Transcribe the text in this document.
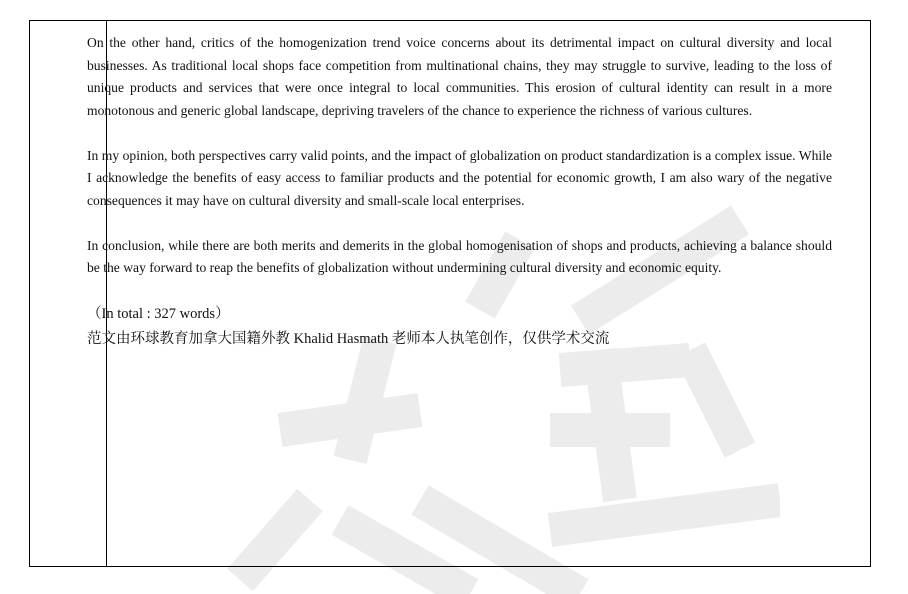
On the other hand, critics of the homogenization trend voice concerns about its detrimental impact on cultural diversity and local businesses. As traditional local shops face competition from multinational chains, they may struggle to survive, leading to the loss of unique products and services that were once integral to local communities. This erosion of cultural identity can result in a more monotonous and generic global landscape, depriving travelers of the chance to experience the richness of various cultures.

In my opinion, both perspectives carry valid points, and the impact of globalization on product standardization is a complex issue. While I acknowledge the benefits of easy access to familiar products and the potential for economic growth, I am also wary of the negative consequences it may have on cultural diversity and small-scale local enterprises.

In conclusion, while there are both merits and demerits in the global homogenisation of shops and products, achieving a balance should be the way forward to reap the benefits of globalization without undermining cultural diversity and economic equity.

（In total : 327 words）

范文由环球教育加拿大国籍外教 Khalid Hasmath 老师本人执笔创作，仅供学术交流
